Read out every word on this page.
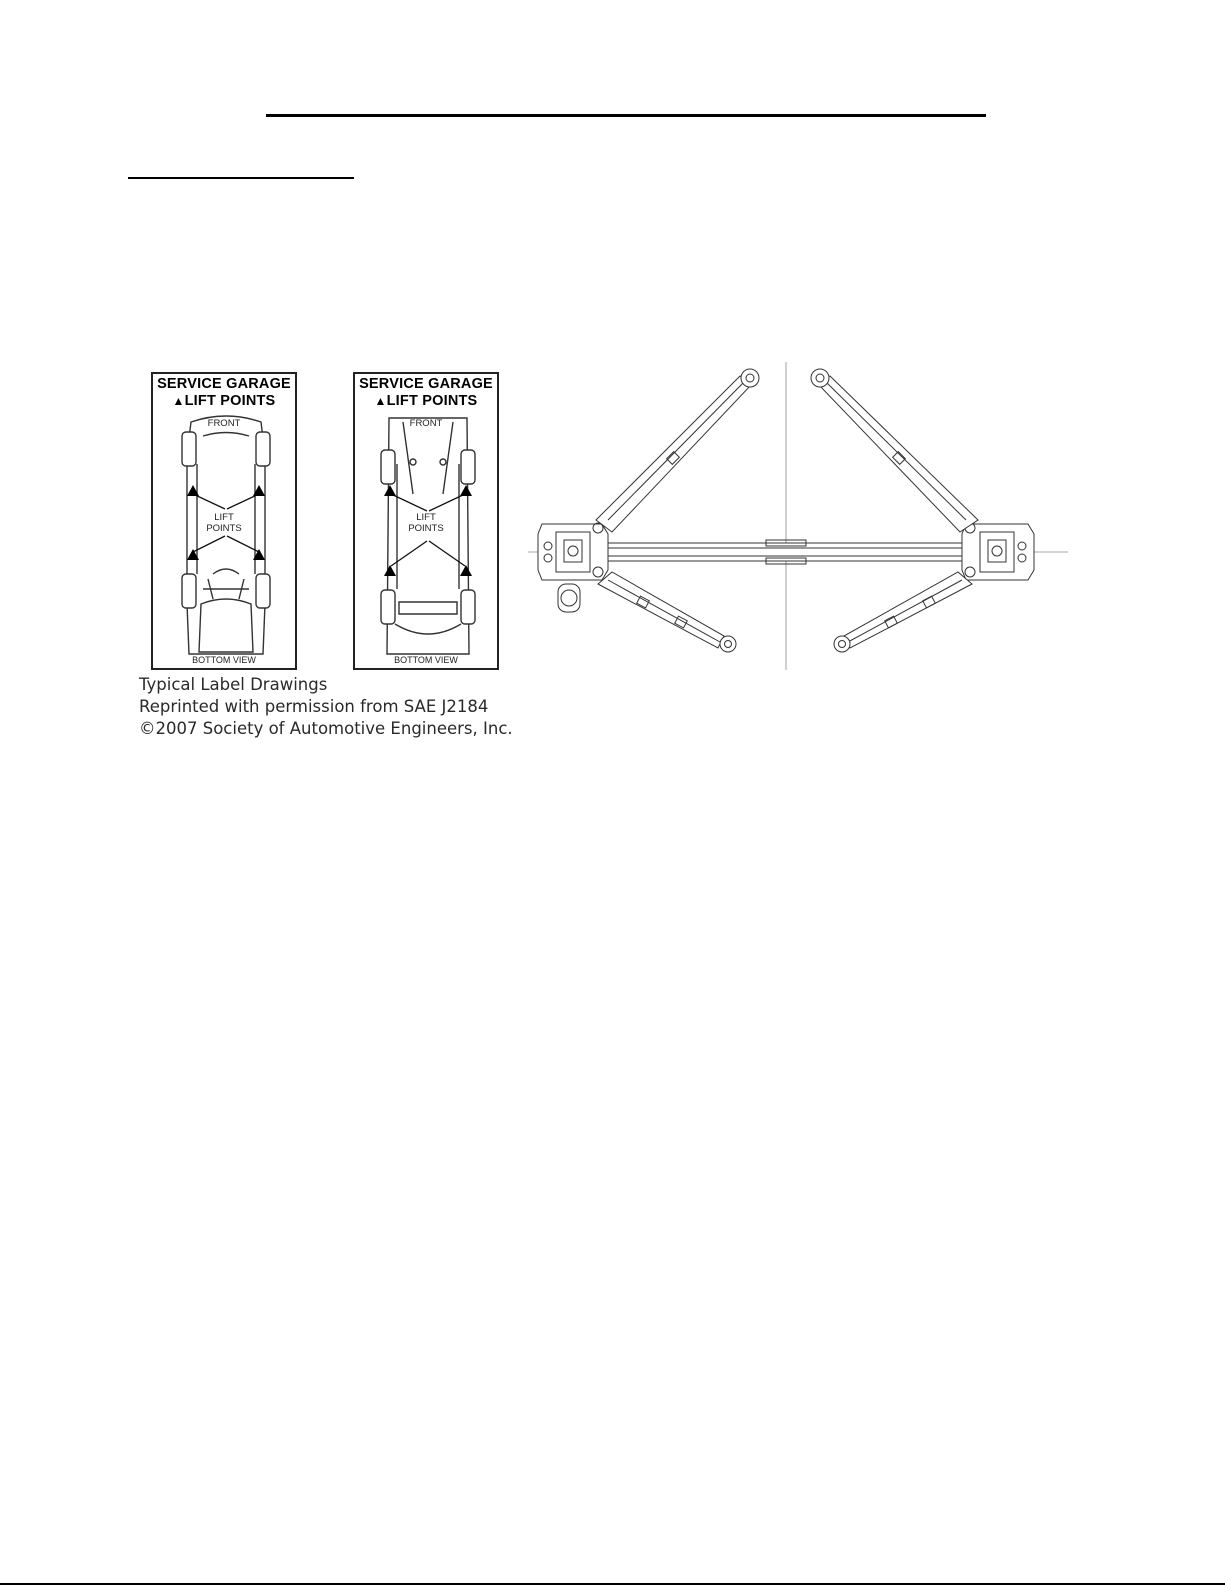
SERVICE GARAGE
▲LIFT POINTS
FRONT
LIFT
POINTS
BOTTOM VIEW
SERVICE GARAGE
▲LIFT POINTS
FRONT
LIFT
POINTS
BOTTOM VIEW
Typical Label Drawings
Reprinted with permission from SAE J2184
©2007 Society of Automotive Engineers, Inc.
